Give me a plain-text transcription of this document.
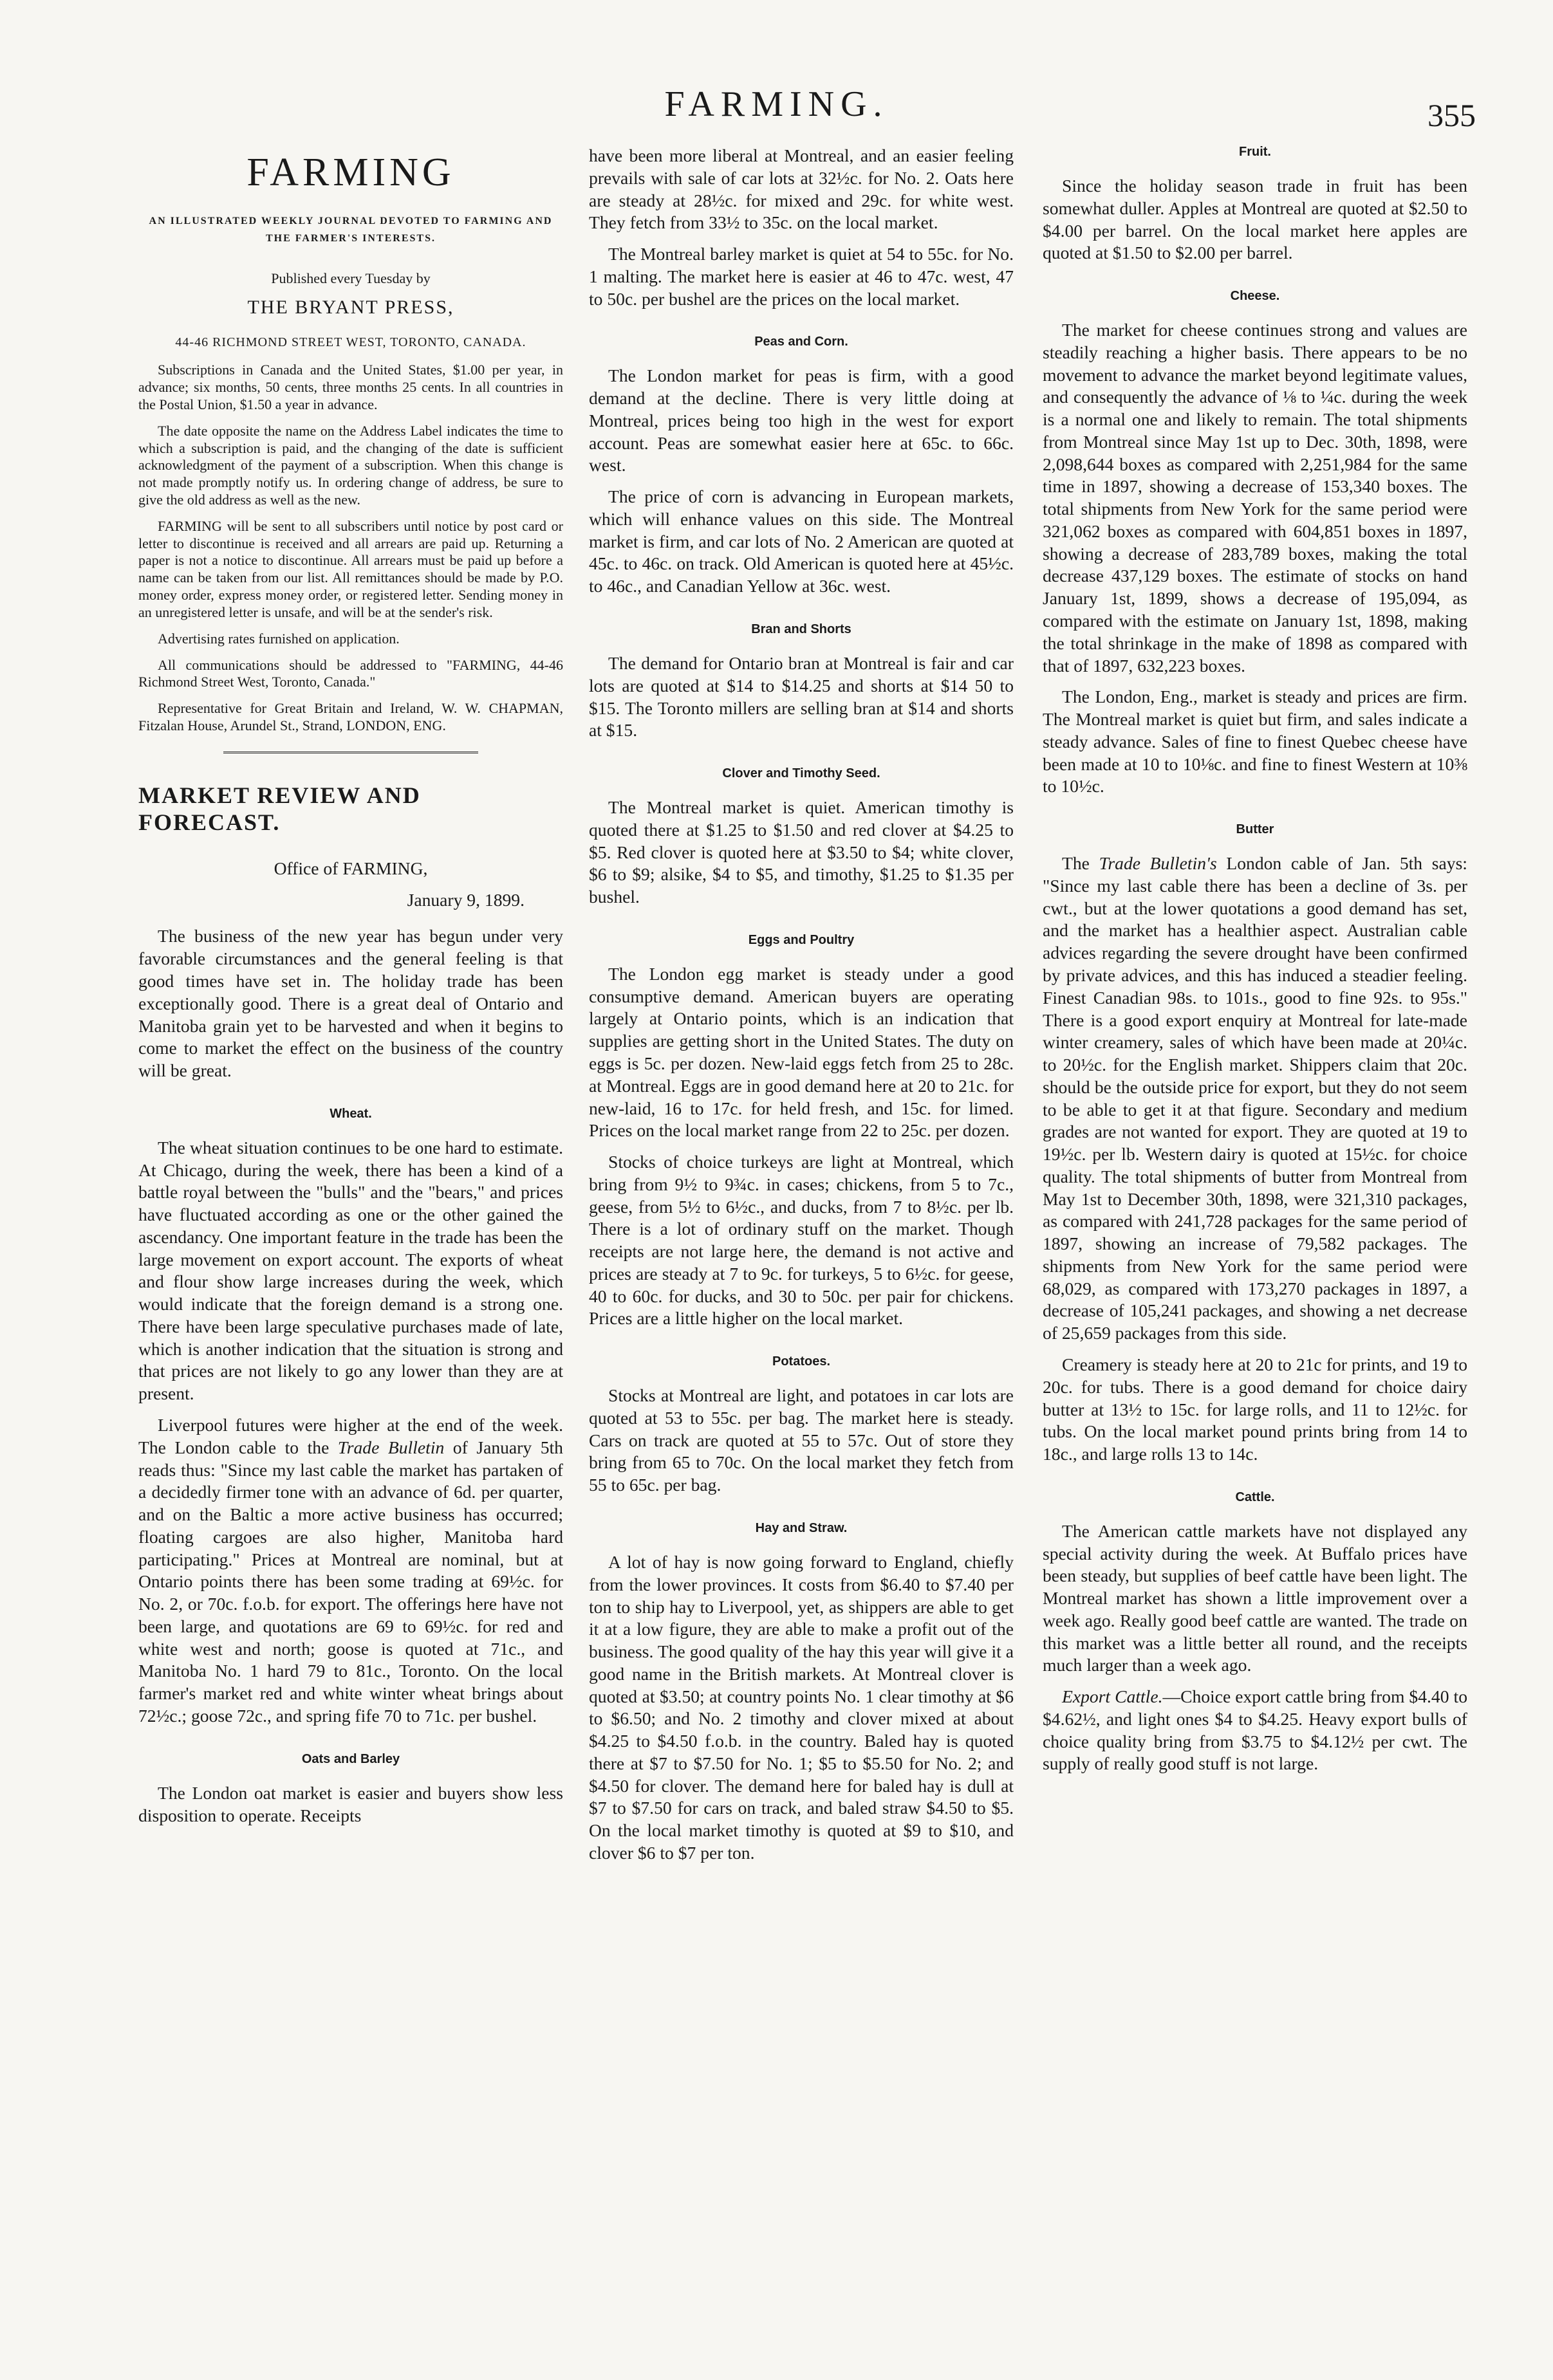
FARMING.	355
FARMING
AN ILLUSTRATED WEEKLY JOURNAL DEVOTED TO FARMING AND THE FARMER'S INTERESTS.

Published every Tuesday by

THE BRYANT PRESS,
44-46 RICHMOND STREET WEST, TORONTO, CANADA.

Subscriptions in Canada and the United States, $1.00 per year, in advance; six months, 50 cents, three months 25 cents. In all countries in the Postal Union, $1.50 a year in advance.

The date opposite the name on the Address Label indicates the time to which a subscription is paid, and the changing of the date is sufficient acknowledgment of the payment of a subscription. When this change is not made promptly notify us. In ordering change of address, be sure to give the old address as well as the new.

FARMING will be sent to all subscribers until notice by post card or letter to discontinue is received and all arrears are paid up. Returning a paper is not a notice to discontinue. All arrears must be paid up before a name can be taken from our list. All remittances should be made by P.O. money order, express money order, or registered letter. Sending money in an unregistered letter is unsafe, and will be at the sender's risk.

Advertising rates furnished on application.

All communications should be addressed to "FARMING, 44-46 Richmond Street West, Toronto, Canada."

Representative for Great Britain and Ireland, W. W. CHAPMAN, Fitzalan House, Arundel St., Strand, LONDON, ENG.

MARKET REVIEW AND FORECAST.

Office of FARMING,

January 9, 1899.

The business of the new year has begun under very favorable circumstances and the general feeling is that good times have set in. The holiday trade has been exceptionally good. There is a great deal of Ontario and Manitoba grain yet to be harvested and when it begins to come to market the effect on the business of the country will be great.

Wheat.

The wheat situation continues to be one hard to estimate. At Chicago, during the week, there has been a kind of a battle royal between the "bulls" and the "bears," and prices have fluctuated according as one or the other gained the ascendancy. One important feature in the trade has been the large movement on export account. The exports of wheat and flour show large increases during the week, which would indicate that the foreign demand is a strong one. There have been large speculative purchases made of late, which is another indication that the situation is strong and that prices are not likely to go any lower than they are at present.

Liverpool futures were higher at the end of the week. The London cable to the Trade Bulletin of January 5th reads thus: "Since my last cable the market has partaken of a decidedly firmer tone with an advance of 6d. per quarter, and on the Baltic a more active business has occurred; floating cargoes are also higher, Manitoba hard participating." Prices at Montreal are nominal, but at Ontario points there has been some trading at 69½c. for No. 2, or 70c. f.o.b. for export. The offerings here have not been large, and quotations are 69 to 69½c. for red and white west and north; goose is quoted at 71c., and Manitoba No. 1 hard 79 to 81c., Toronto. On the local farmer's market red and white winter wheat brings about 72½c.; goose 72c., and spring fife 70 to 71c. per bushel.

Oats and Barley

The London oat market is easier and buyers show less disposition to operate. Receipts

have been more liberal at Montreal, and an easier feeling prevails with sale of car lots at 32½c. for No. 2. Oats here are steady at 28½c. for mixed and 29c. for white west. They fetch from 33½ to 35c. on the local market.

The Montreal barley market is quiet at 54 to 55c. for No. 1 malting. The market here is easier at 46 to 47c. west, 47 to 50c. per bushel are the prices on the local market.

Peas and Corn.

The London market for peas is firm, with a good demand at the decline. There is very little doing at Montreal, prices being too high in the west for export account. Peas are somewhat easier here at 65c. to 66c. west.

The price of corn is advancing in European markets, which will enhance values on this side. The Montreal market is firm, and car lots of No. 2 American are quoted at 45c. to 46c. on track. Old American is quoted here at 45½c. to 46c., and Canadian Yellow at 36c. west.

Bran and Shorts

The demand for Ontario bran at Montreal is fair and car lots are quoted at $14 to $14.25 and shorts at $14 50 to $15. The Toronto millers are selling bran at $14 and shorts at $15.

Clover and Timothy Seed.

The Montreal market is quiet. American timothy is quoted there at $1.25 to $1.50 and red clover at $4.25 to $5. Red clover is quoted here at $3.50 to $4; white clover, $6 to $9; alsike, $4 to $5, and timothy, $1.25 to $1.35 per bushel.

Eggs and Poultry

The London egg market is steady under a good consumptive demand. American buyers are operating largely at Ontario points, which is an indication that supplies are getting short in the United States. The duty on eggs is 5c. per dozen. New-laid eggs fetch from 25 to 28c. at Montreal. Eggs are in good demand here at 20 to 21c. for new-laid, 16 to 17c. for held fresh, and 15c. for limed. Prices on the local market range from 22 to 25c. per dozen.

Stocks of choice turkeys are light at Montreal, which bring from 9½ to 9¾c. in cases; chickens, from 5 to 7c., geese, from 5½ to 6½c., and ducks, from 7 to 8½c. per lb. There is a lot of ordinary stuff on the market. Though receipts are not large here, the demand is not active and prices are steady at 7 to 9c. for turkeys, 5 to 6½c. for geese, 40 to 60c. for ducks, and 30 to 50c. per pair for chickens. Prices are a little higher on the local market.

Potatoes.

Stocks at Montreal are light, and potatoes in car lots are quoted at 53 to 55c. per bag. The market here is steady. Cars on track are quoted at 55 to 57c. Out of store they bring from 65 to 70c. On the local market they fetch from 55 to 65c. per bag.

Hay and Straw.

A lot of hay is now going forward to England, chiefly from the lower provinces. It costs from $6.40 to $7.40 per ton to ship hay to Liverpool, yet, as shippers are able to get it at a low figure, they are able to make a profit out of the business. The good quality of the hay this year will give it a good name in the British markets. At Montreal clover is quoted at $3.50; at country points No. 1 clear timothy at $6 to $6.50; and No. 2 timothy and clover mixed at about $4.25 to $4.50 f.o.b. in the country. Baled hay is quoted there at $7 to $7.50 for No. 1; $5 to $5.50 for No. 2; and $4.50 for clover. The demand here for baled hay is dull at $7 to $7.50 for cars on track, and baled straw $4.50 to $5. On the local market timothy is quoted at $9 to $10, and clover $6 to $7 per ton.

Fruit.

Since the holiday season trade in fruit has been somewhat duller. Apples at Montreal are quoted at $2.50 to $4.00 per barrel. On the local market here apples are quoted at $1.50 to $2.00 per barrel.

Cheese.

The market for cheese continues strong and values are steadily reaching a higher basis. There appears to be no movement to advance the market beyond legitimate values, and consequently the advance of ⅛ to ¼c. during the week is a normal one and likely to remain. The total shipments from Montreal since May 1st up to Dec. 30th, 1898, were 2,098,644 boxes as compared with 2,251,984 for the same time in 1897, showing a decrease of 153,340 boxes. The total shipments from New York for the same period were 321,062 boxes as compared with 604,851 boxes in 1897, showing a decrease of 283,789 boxes, making the total decrease 437,129 boxes. The estimate of stocks on hand January 1st, 1899, shows a decrease of 195,094, as compared with the estimate on January 1st, 1898, making the total shrinkage in the make of 1898 as compared with that of 1897, 632,223 boxes.

The London, Eng., market is steady and prices are firm. The Montreal market is quiet but firm, and sales indicate a steady advance. Sales of fine to finest Quebec cheese have been made at 10 to 10⅛c. and fine to finest Western at 10⅜ to 10½c.

Butter

The Trade Bulletin's London cable of Jan. 5th says: "Since my last cable there has been a decline of 3s. per cwt., but at the lower quotations a good demand has set, and the market has a healthier aspect. Australian cable advices regarding the severe drought have been confirmed by private advices, and this has induced a steadier feeling. Finest Canadian 98s. to 101s., good to fine 92s. to 95s." There is a good export enquiry at Montreal for late-made winter creamery, sales of which have been made at 20¼c. to 20½c. for the English market. Shippers claim that 20c. should be the outside price for export, but they do not seem to be able to get it at that figure. Secondary and medium grades are not wanted for export. They are quoted at 19 to 19½c. per lb. Western dairy is quoted at 15½c. for choice quality. The total shipments of butter from Montreal from May 1st to December 30th, 1898, were 321,310 packages, as compared with 241,728 packages for the same period of 1897, showing an increase of 79,582 packages. The shipments from New York for the same period were 68,029, as compared with 173,270 packages in 1897, a decrease of 105,241 packages, and showing a net decrease of 25,659 packages from this side.

Creamery is steady here at 20 to 21c for prints, and 19 to 20c. for tubs. There is a good demand for choice dairy butter at 13½ to 15c. for large rolls, and 11 to 12½c. for tubs. On the local market pound prints bring from 14 to 18c., and large rolls 13 to 14c.

Cattle.

The American cattle markets have not displayed any special activity during the week. At Buffalo prices have been steady, but supplies of beef cattle have been light. The Montreal market has shown a little improvement over a week ago. Really good beef cattle are wanted. The trade on this market was a little better all round, and the receipts much larger than a week ago.

Export Cattle.—Choice export cattle bring from $4.40 to $4.62½, and light ones $4 to $4.25. Heavy export bulls of choice quality bring from $3.75 to $4.12½ per cwt. The supply of really good stuff is not large.
